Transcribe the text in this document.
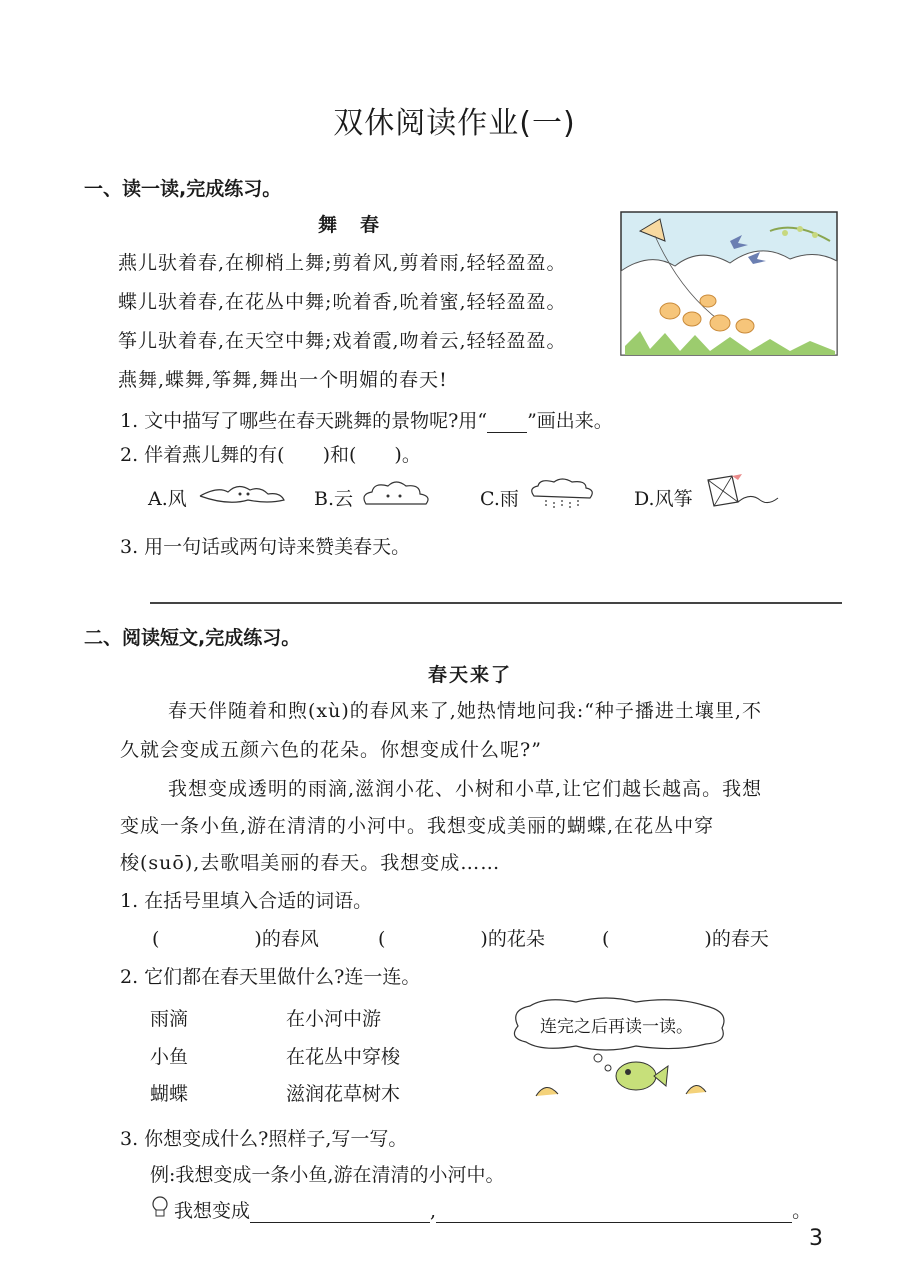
双休阅读作业(一)
一、读一读,完成练习。
舞　春
燕儿驮着春,在柳梢上舞;剪着风,剪着雨,轻轻盈盈。
蝶儿驮着春,在花丛中舞;吮着香,吮着蜜,轻轻盈盈。
筝儿驮着春,在天空中舞;戏着霞,吻着云,轻轻盈盈。
燕舞,蝶舞,筝舞,舞出一个明媚的春天!
1. 文中描写了哪些在春天跳舞的景物呢?用“ ”画出来。
2. 伴着燕儿舞的有(　　)和(　　)。
A.风	B.云	C.雨	D.风筝
3. 用一句话或两句诗来赞美春天。
二、阅读短文,完成练习。
春天来了
春天伴随着和煦(xù)的春风来了,她热情地问我:“种子播进土壤里,不
久就会变成五颜六色的花朵。你想变成什么呢?”
我想变成透明的雨滴,滋润小花、小树和小草,让它们越长越高。我想
变成一条小鱼,游在清清的小河中。我想变成美丽的蝴蝶,在花丛中穿
梭(suō),去歌唱美丽的春天。我想变成……
1. 在括号里填入合适的词语。
(　　　　　)的春风	(　　　　　)的花朵	(　　　　　)的春天
2. 它们都在春天里做什么?连一连。
雨滴
小鱼
蝴蝶
在小河中游
在花丛中穿梭
滋润花草树木
连完之后再读一读。
3. 你想变成什么?照样子,写一写。
例:我想变成一条小鱼,游在清清的小河中。
我想变成	,	。
3
